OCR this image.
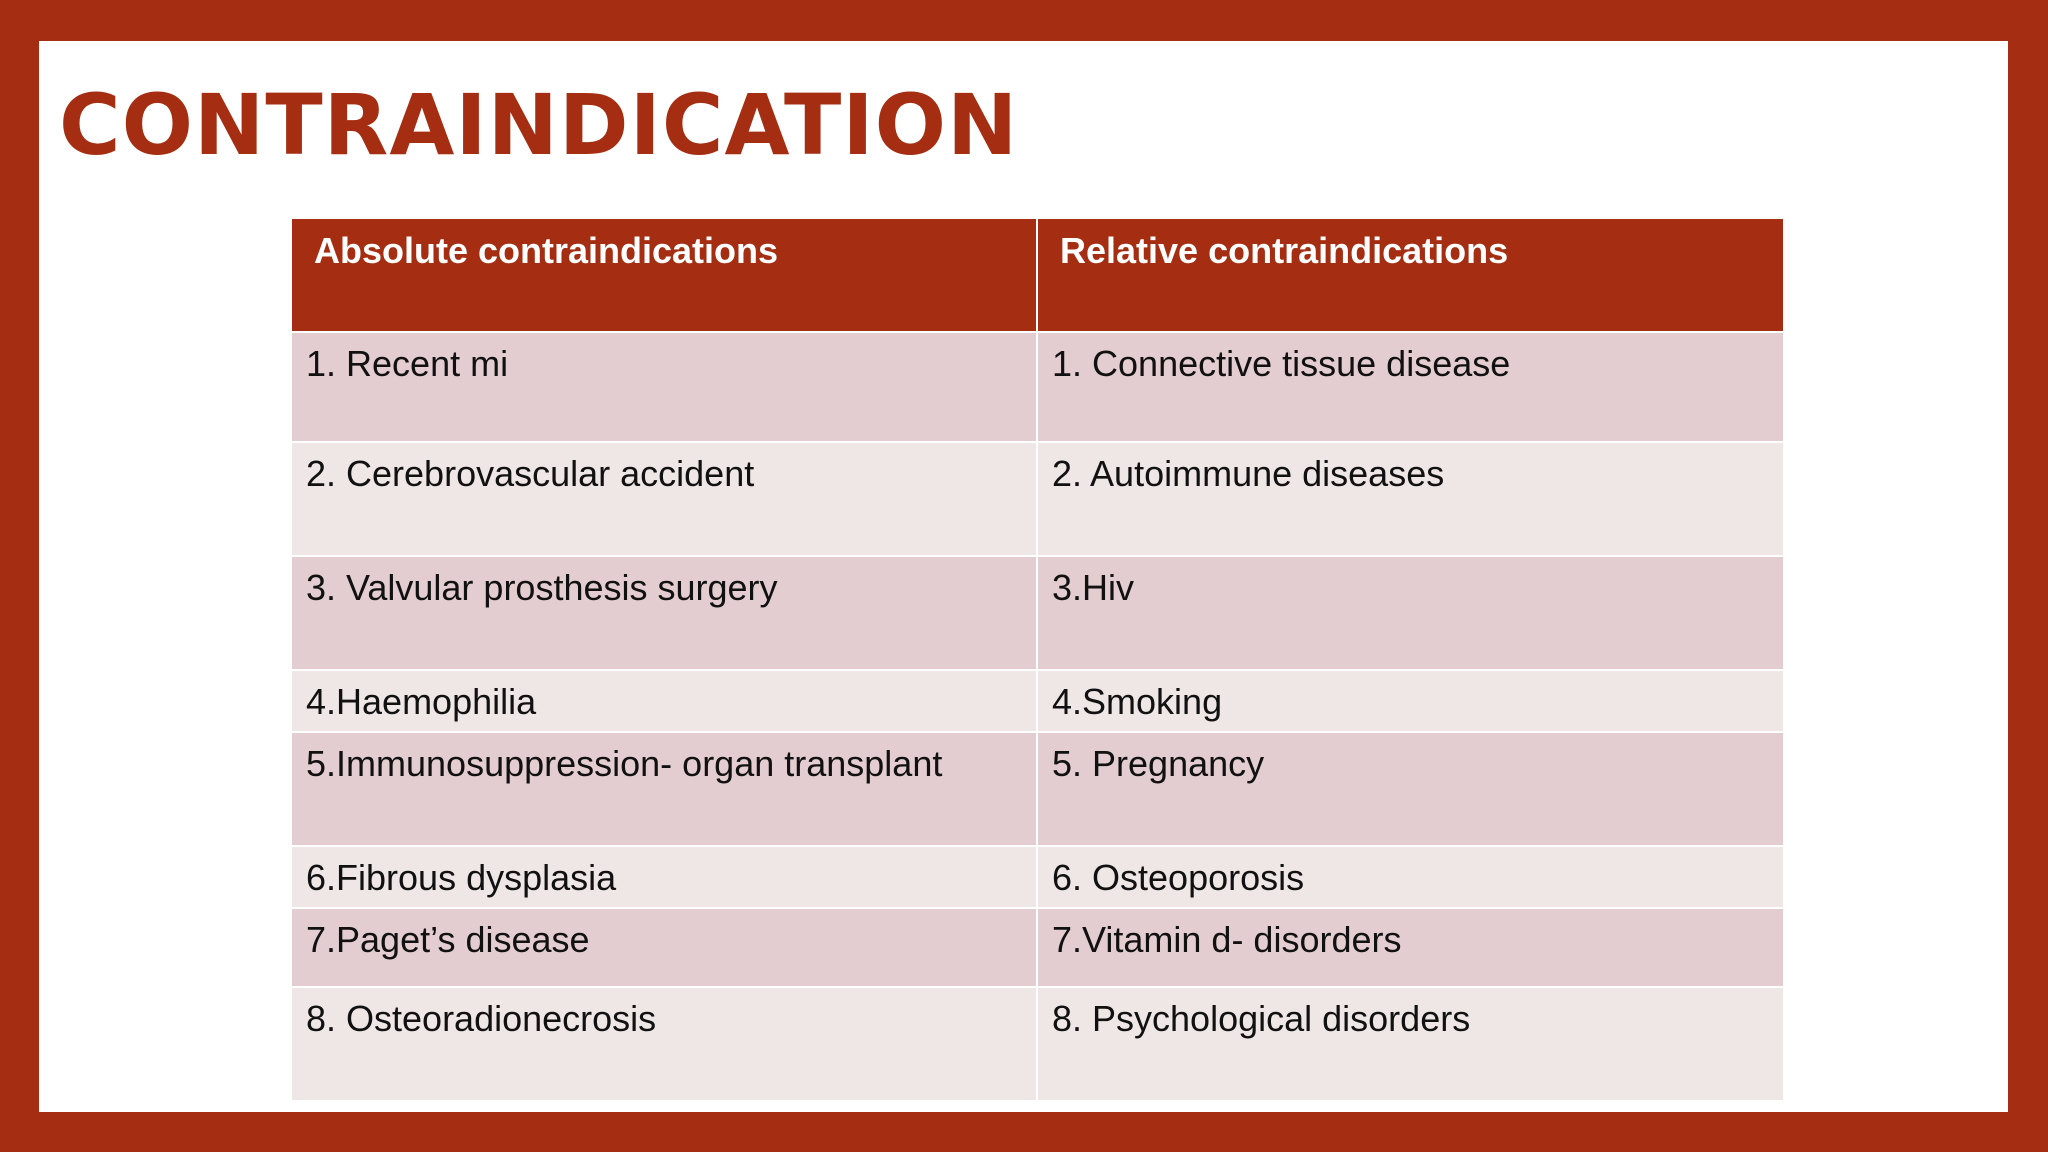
CONTRAINDICATION
Absolute contraindications	Relative contraindications
1. Recent mi	1. Connective tissue disease
2. Cerebrovascular accident	2. Autoimmune diseases
3. Valvular prosthesis surgery	3.Hiv
4.Haemophilia	4.Smoking
5.Immunosuppression- organ transplant	5. Pregnancy
6.Fibrous dysplasia	6. Osteoporosis
7.Paget’s disease	7.Vitamin d- disorders
8. Osteoradionecrosis	8. Psychological disorders
